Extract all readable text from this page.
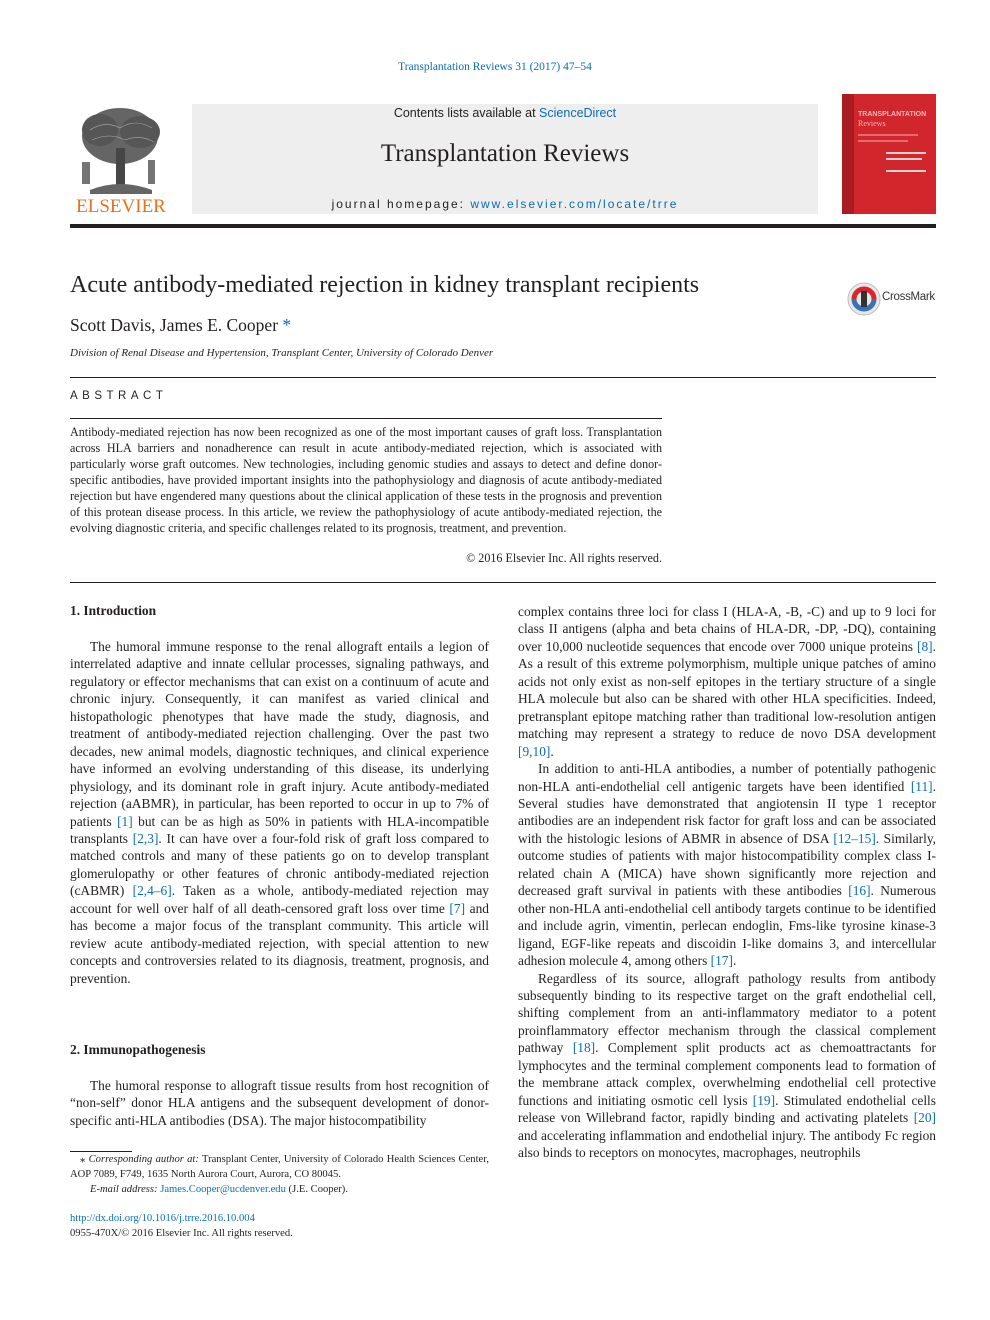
Transplantation Reviews 31 (2017) 47–54
ELSEVIER
Contents lists available at ScienceDirect
Transplantation Reviews
journal homepage: www.elsevier.com/locate/trre
TRANSPLANTATION
Reviews
Acute antibody-mediated rejection in kidney transplant recipients	CrossMark
Scott Davis, James E. Cooper *
Division of Renal Disease and Hypertension, Transplant Center, University of Colorado Denver
ABSTRACT
Antibody-mediated rejection has now been recognized as one of the most important causes of graft loss. Transplantation across HLA barriers and nonadherence can result in acute antibody-mediated rejection, which is associated with particularly worse graft outcomes. New technologies, including genomic studies and assays to detect and define donor-specific antibodies, have provided important insights into the pathophysiology and diagnosis of acute antibody-mediated rejection but have engendered many questions about the clinical application of these tests in the prognosis and prevention of this protean disease process. In this article, we review the pathophysiology of acute antibody-mediated rejection, the evolving diagnostic criteria, and specific challenges related to its prognosis, treatment, and prevention.
© 2016 Elsevier Inc. All rights reserved.
1. Introduction

The humoral immune response to the renal allograft entails a legion of interrelated adaptive and innate cellular processes, signaling pathways, and regulatory or effector mechanisms that can exist on a continuum of acute and chronic injury. Consequently, it can manifest as varied clinical and histopathologic phenotypes that have made the study, diagnosis, and treatment of antibody-mediated rejection challenging. Over the past two decades, new animal models, diagnostic techniques, and clinical experience have informed an evolving understanding of this disease, its underlying physiology, and its dominant role in graft injury. Acute antibody-mediated rejection (aABMR), in particular, has been reported to occur in up to 7% of patients [1] but can be as high as 50% in patients with HLA-incompatible transplants [2,3]. It can have over a four-fold risk of graft loss compared to matched controls and many of these patients go on to develop transplant glomerulopathy or other features of chronic antibody-mediated rejection (cABMR) [2,4–6]. Taken as a whole, antibody-mediated rejection may account for well over half of all death-censored graft loss over time [7] and has become a major focus of the transplant community. This article will review acute antibody-mediated rejection, with special attention to new concepts and controversies related to its diagnosis, treatment, prognosis, and prevention.

2. Immunopathogenesis

The humoral response to allograft tissue results from host recognition of “non-self” donor HLA antigens and the subsequent development of donor-specific anti-HLA antibodies (DSA). The major histocompatibility

⁎ Corresponding author at: Transplant Center, University of Colorado Health Sciences Center, AOP 7089, F749, 1635 North Aurora Court, Aurora, CO 80045.
E-mail address: James.Cooper@ucdenver.edu (J.E. Cooper).
http://dx.doi.org/10.1016/j.trre.2016.10.004
0955-470X/© 2016 Elsevier Inc. All rights reserved.

complex contains three loci for class I (HLA-A, -B, -C) and up to 9 loci for class II antigens (alpha and beta chains of HLA-DR, -DP, -DQ), containing over 10,000 nucleotide sequences that encode over 7000 unique proteins [8]. As a result of this extreme polymorphism, multiple unique patches of amino acids not only exist as non-self epitopes in the tertiary structure of a single HLA molecule but also can be shared with other HLA specificities. Indeed, pretransplant epitope matching rather than traditional low-resolution antigen matching may represent a strategy to reduce de novo DSA development [9,10].

In addition to anti-HLA antibodies, a number of potentially pathogenic non-HLA anti-endothelial cell antigenic targets have been identified [11]. Several studies have demonstrated that angiotensin II type 1 receptor antibodies are an independent risk factor for graft loss and can be associated with the histologic lesions of ABMR in absence of DSA [12–15]. Similarly, outcome studies of patients with major histocompatibility complex class I-related chain A (MICA) have shown significantly more rejection and decreased graft survival in patients with these antibodies [16]. Numerous other non-HLA anti-endothelial cell antibody targets continue to be identified and include agrin, vimentin, perlecan endoglin, Fms-like tyrosine kinase-3 ligand, EGF-like repeats and discoidin I-like domains 3, and intercellular adhesion molecule 4, among others [17].

Regardless of its source, allograft pathology results from antibody subsequently binding to its respective target on the graft endothelial cell, shifting complement from an anti-inflammatory mediator to a potent proinflammatory effector mechanism through the classical complement pathway [18]. Complement split products act as chemoattractants for lymphocytes and the terminal complement components lead to formation of the membrane attack complex, overwhelming endothelial cell protective functions and initiating osmotic cell lysis [19]. Stimulated endothelial cells release von Willebrand factor, rapidly binding and activating platelets [20] and accelerating inflammation and endothelial injury. The antibody Fc region also binds to receptors on monocytes, macrophages, neutrophils
